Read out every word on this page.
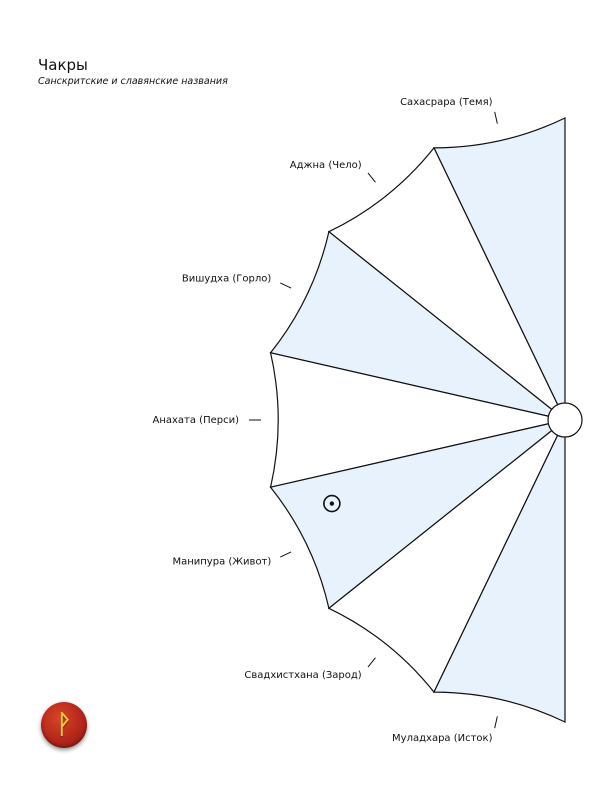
Чакры
Санскритские и славянские названия
Сахасрара (Темя)
Аджна (Чело)
Вишудха (Горло)
Анахата (Перси)
Манипура (Живот)
Свадхистхана (Зарод)
Муладхара (Исток)
ᚹ
